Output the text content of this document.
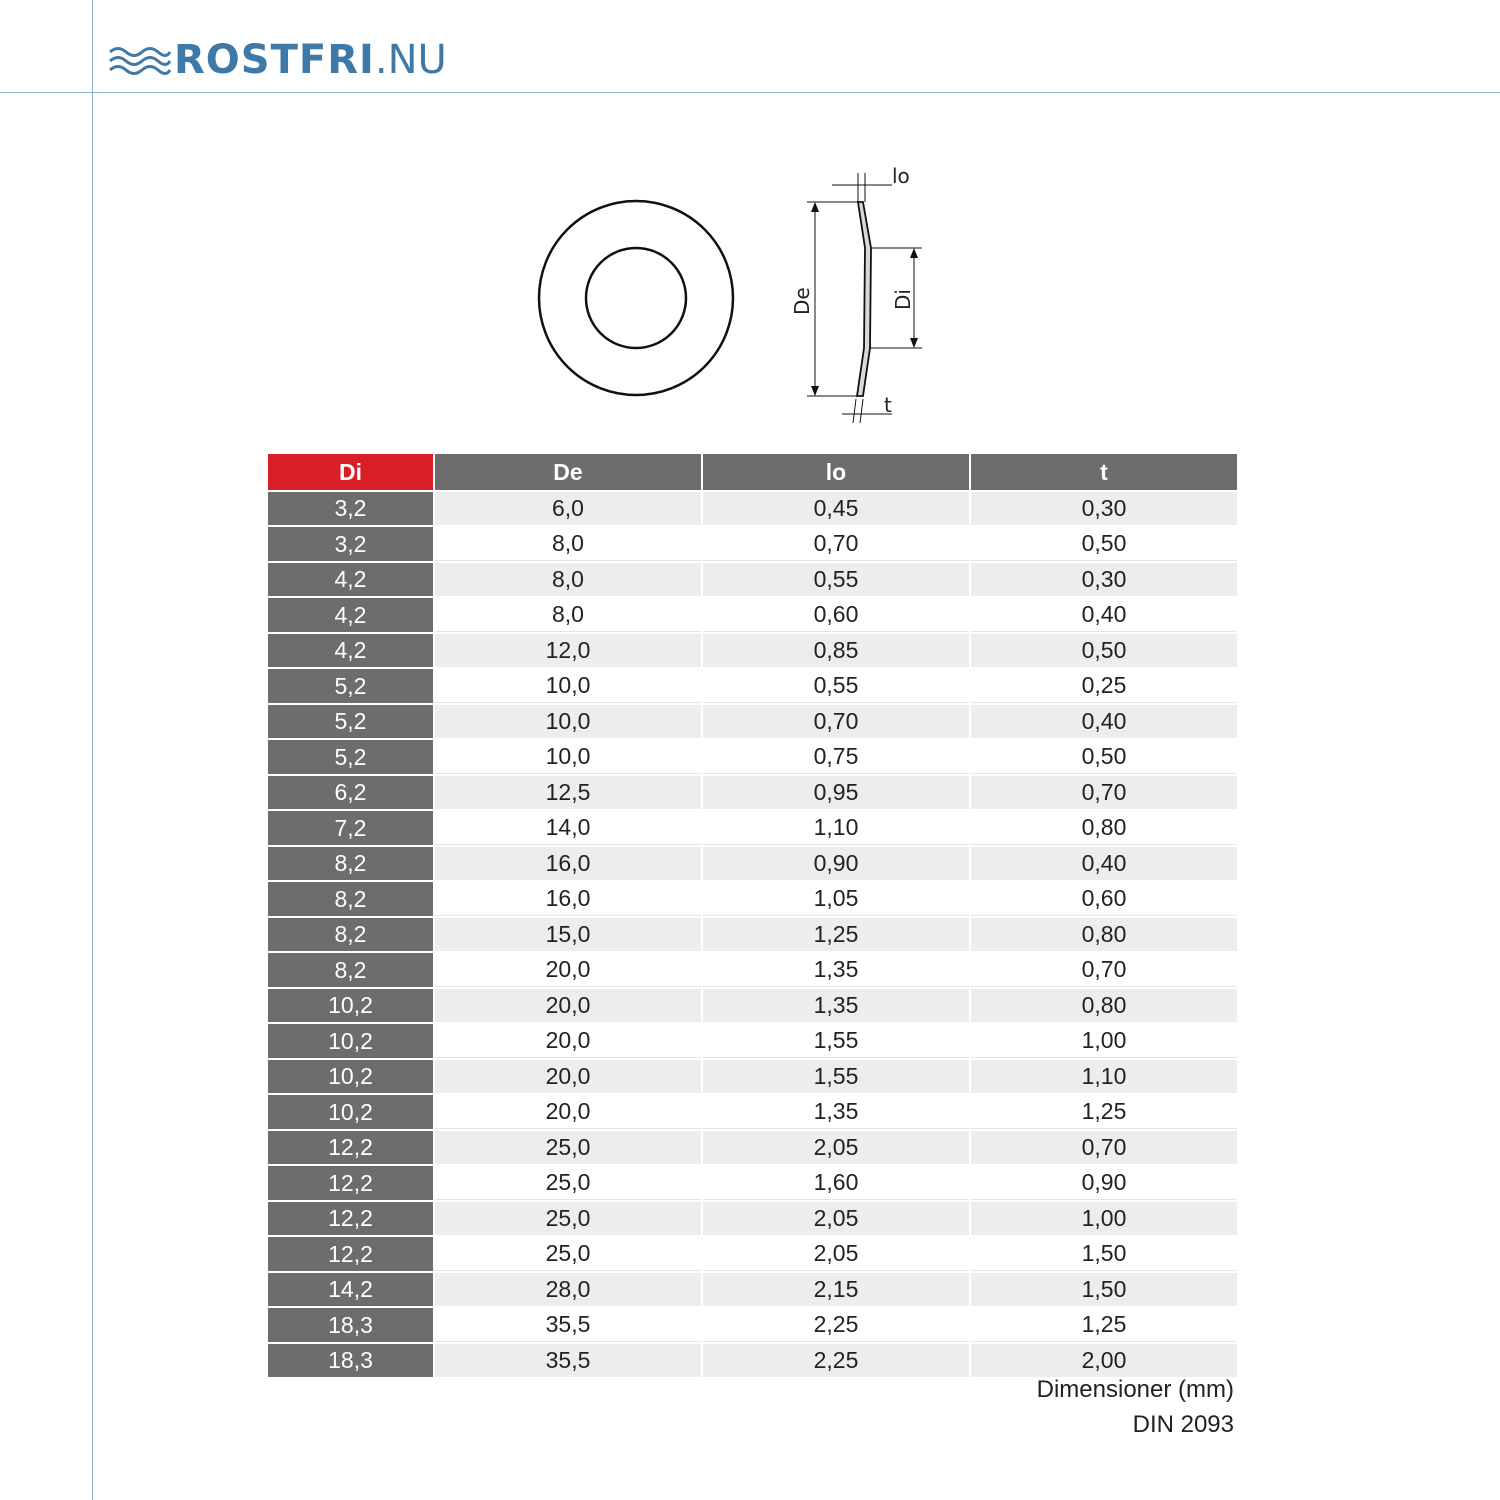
ROSTFRI .NU
lo
De	Di
t
Di	De	lo	t
3,2	6,0	0,45	0,30
3,2	8,0	0,70	0,50
4,2	8,0	0,55	0,30
4,2	8,0	0,60	0,40
4,2	12,0	0,85	0,50
5,2	10,0	0,55	0,25
5,2	10,0	0,70	0,40
5,2	10,0	0,75	0,50
6,2	12,5	0,95	0,70
7,2	14,0	1,10	0,80
8,2	16,0	0,90	0,40
8,2	16,0	1,05	0,60
8,2	15,0	1,25	0,80
8,2	20,0	1,35	0,70
10,2	20,0	1,35	0,80
10,2	20,0	1,55	1,00
10,2	20,0	1,55	1,10
10,2	20,0	1,35	1,25
12,2	25,0	2,05	0,70
12,2	25,0	1,60	0,90
12,2	25,0	2,05	1,00
12,2	25,0	2,05	1,50
14,2	28,0	2,15	1,50
18,3	35,5	2,25	1,25
18,3	35,5	2,25	2,00
Dimensioner (mm)
DIN 2093
